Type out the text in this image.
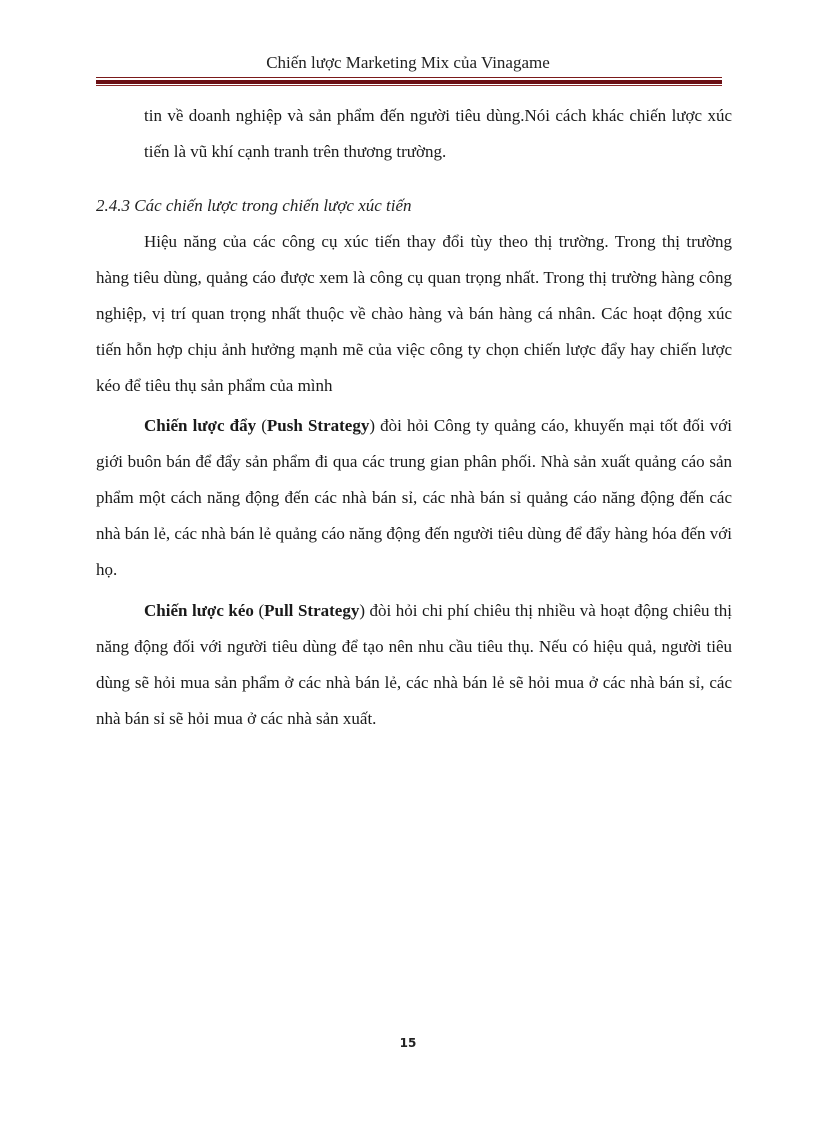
Chiến lược Marketing Mix của Vinagame

tin về doanh nghiệp và sản phẩm đến người tiêu dùng.Nói cách khác chiến lược xúc tiến là vũ khí cạnh tranh trên thương trường.

2.4.3 Các chiến lược trong chiến lược xúc tiến

Hiệu năng của các công cụ xúc tiến thay đổi tùy theo thị trường. Trong thị trường hàng tiêu dùng, quảng cáo được xem là công cụ quan trọng nhất. Trong thị trường hàng công nghiệp, vị trí quan trọng nhất thuộc về chào hàng và bán hàng cá nhân. Các hoạt động xúc tiến hỗn hợp chịu ảnh hưởng mạnh mẽ của việc công ty chọn chiến lược đẩy hay chiến lược kéo để tiêu thụ sản phẩm của mình

Chiến lược đẩy (Push Strategy) đòi hỏi Công ty quảng cáo, khuyến mại tốt đối với giới buôn bán để đẩy sản phẩm đi qua các trung gian phân phối. Nhà sản xuất quảng cáo sản phẩm một cách năng động đến các nhà bán sỉ, các nhà bán sỉ quảng cáo năng động đến các nhà bán lẻ, các nhà bán lẻ quảng cáo năng động đến người tiêu dùng để đẩy hàng hóa đến với họ.

Chiến lược kéo (Pull Strategy) đòi hỏi chi phí chiêu thị nhiều và hoạt động chiêu thị năng động đối với người tiêu dùng để tạo nên nhu cầu tiêu thụ. Nếu có hiệu quả, người tiêu dùng sẽ hỏi mua sản phẩm ở các nhà bán lẻ, các nhà bán lẻ sẽ hỏi mua ở các nhà bán sỉ, các nhà bán sỉ sẽ hỏi mua ở các nhà sản xuất.

15
